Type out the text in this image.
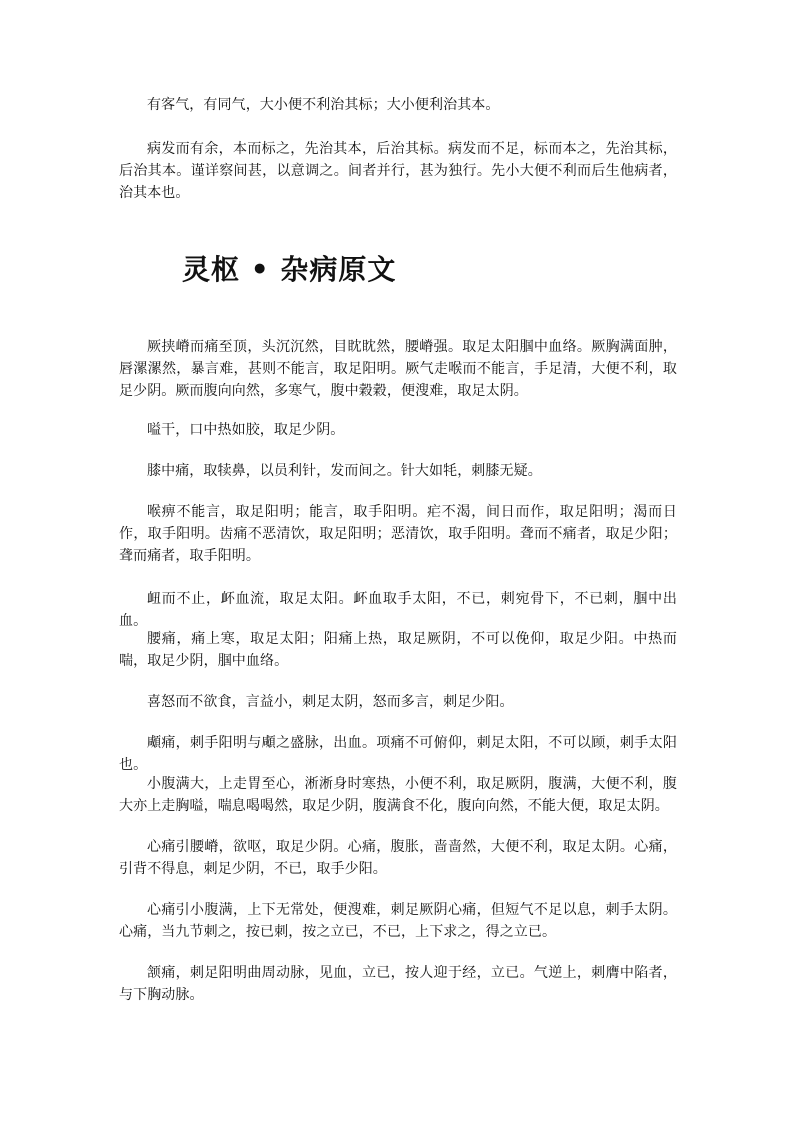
有客气，有同气，大小便不利治其标；大小便利治其本。

病发而有余，本而标之，先治其本，后治其标。病发而不足，标而本之，先治其标，后治其本。谨详察间甚，以意调之。间者并行，甚为独行。先小大便不利而后生他病者，治其本也。

灵枢 • 杂病原文

厥挟嵴而痛至顶，头沉沉然，目眈眈然，腰嵴强。取足太阳腘中血络。厥胸满面肿，唇漯漯然，暴言难，甚则不能言，取足阳明。厥气走喉而不能言，手足清，大便不利，取足少阴。厥而腹向向然，多寒气，腹中穀穀，便溲难，取足太阴。

嗌干，口中热如胶，取足少阴。

膝中痛，取犊鼻，以员利针，发而间之。针大如牦，刺膝无疑。

喉痹不能言，取足阳明；能言，取手阳明。疟不渴，间日而作，取足阳明；渴而日作，取手阳明。齿痛不恶清饮，取足阳明；恶清饮，取手阳明。聋而不痛者，取足少阳；聋而痛者，取手阳明。

衄而不止，衃血流，取足太阳。衃血取手太阳，不已，刺宛骨下，不已刺，腘中出血。

腰痛，痛上寒，取足太阳；阳痛上热，取足厥阴，不可以俛仰，取足少阳。中热而喘，取足少阴，腘中血络。

喜怒而不欲食，言益小，刺足太阴，怒而多言，刺足少阳。

顑痛，刺手阳明与顑之盛脉，出血。项痛不可俯仰，刺足太阳，不可以顾，刺手太阳也。

小腹满大，上走胃至心，淅淅身时寒热，小便不利，取足厥阴，腹满，大便不利，腹大亦上走胸嗌，喘息喝喝然，取足少阴，腹满食不化，腹向向然，不能大便，取足太阴。

心痛引腰嵴，欲呕，取足少阴。心痛，腹胀，啬啬然，大便不利，取足太阴。心痛，引背不得息，刺足少阴，不已，取手少阳。

心痛引小腹满，上下无常处，便溲难，刺足厥阴心痛，但短气不足以息，刺手太阴。心痛，当九节刺之，按已刺，按之立已，不已，上下求之，得之立已。

颔痛，刺足阳明曲周动脉，见血，立已，按人迎于经，立已。气逆上，刺膺中陷者，与下胸动脉。
